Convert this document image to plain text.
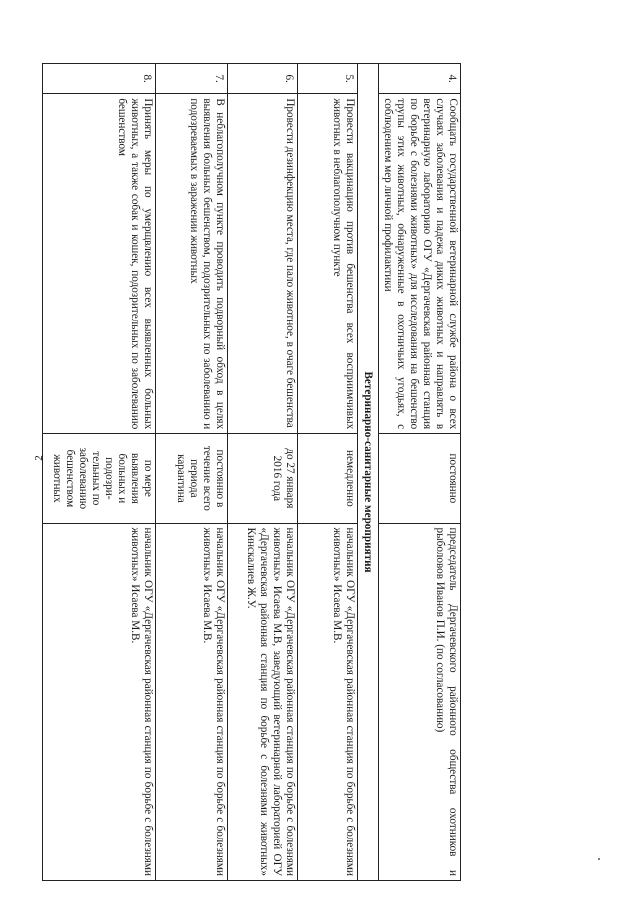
2
4.	Сообщать государственной ветеринарной службе района о всех случаях заболевания и падежа диких животных и направлять в ветеринарную лабораторию ОГУ «Дергачевская районная станция по борьбе с болезнями животных» для исследования на бешенство трупы этих животных, обнаруженные в охотничьих угодьях, с соблюдением мер личной профилактики	постоянно	председатель Дергачевского районного общества охотников и рыболовов Иванов П.И. (по согласованию)
Ветеринарно-санитарные мероприятия			
5.	Провести вакцинацию против бешенства всех восприимчивых животных в неблагополучном пункте	немедленно	начальник ОГУ «Дергачевская районная станция по борьбе с болезнями животных» Исаева М.В.
6.	Провести дезинфекцию места, где пало животное, в очаге бешенства	до 27 января 2016 года	начальник ОГУ «Дергачевская районная станция по борьбе с болезнями животных» Исаева М.В, заведующий ветеринарной лабораторией ОГУ «Дергачевская районная станция по борьбе с болезнями животных» Кинскалиев Ж.У.
7.	В неблагополучном пункте проводить подворный обход в целях выявления больных бешенством, подозрительных по заболеванию и подозреваемых в заражении животных	постоянно в течение всего периода карантина	начальник ОГУ «Дергачевская районная станция по борьбе с болезнями животных» Исаева М.В.
8.	Принять меры по умерщвлению всех выявленных больных животных, а также собак и кошек, подозрительных по заболеванию бешенством	по мере выявления больных и подозри-тельных по заболеванию бешенством животных	начальник ОГУ «Дергачевская районная станция по борьбе с болезнями животных» Исаева М.В.
